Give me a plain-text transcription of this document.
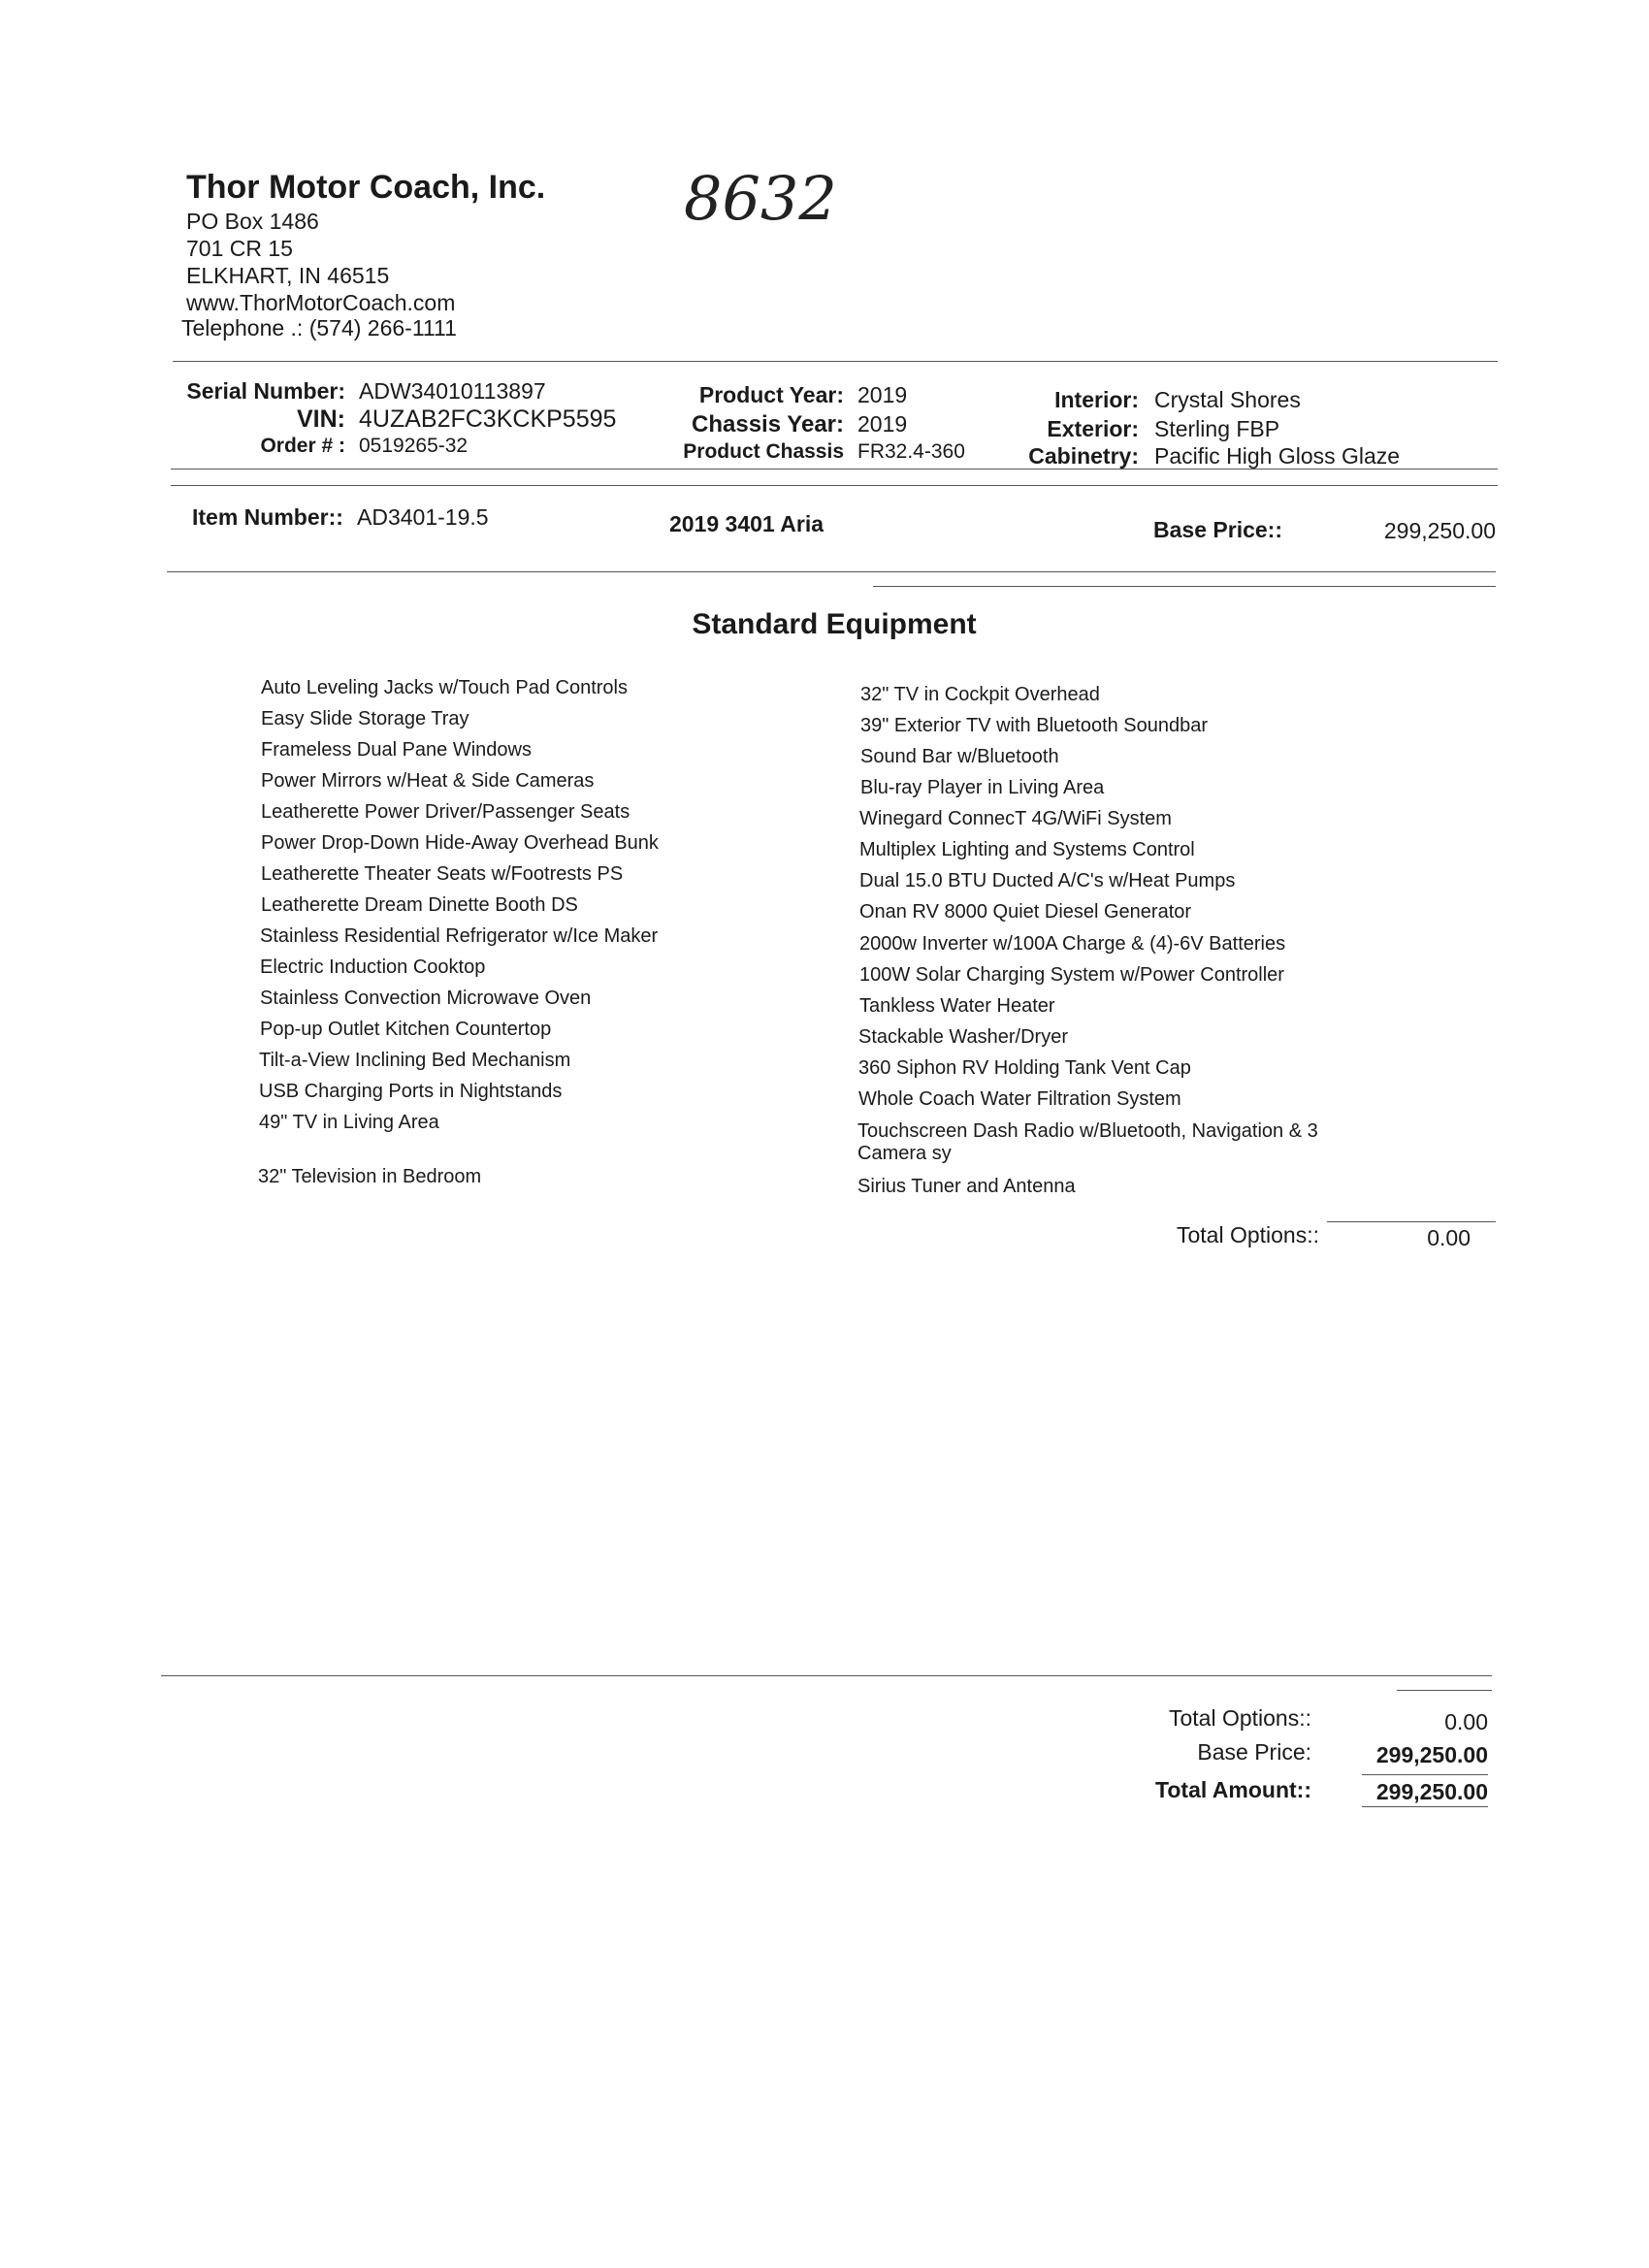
Thor Motor Coach, Inc.
PO Box 1486
701 CR 15
ELKHART, IN 46515
www.ThorMotorCoach.com
Telephone .: (574) 266-1111
8632
Serial Number: ADW34010113897
VIN: 4UZAB2FC3KCKP5595
Order # : 0519265-32
Product Year: 2019
Chassis Year: 2019
Product Chassis FR32.4-360
Interior: Crystal Shores
Exterior: Sterling FBP
Cabinetry: Pacific High Gloss Glaze
Item Number:: AD3401-19.5	2019 3401 Aria	Base Price::	299,250.00
Standard Equipment
Auto Leveling Jacks w/Touch Pad Controls
Easy Slide Storage Tray
Frameless Dual Pane Windows
Power Mirrors w/Heat & Side Cameras
Leatherette Power Driver/Passenger Seats
Power Drop-Down Hide-Away Overhead Bunk
Leatherette Theater Seats w/Footrests PS
Leatherette Dream Dinette Booth DS
Stainless Residential Refrigerator w/Ice Maker
Electric Induction Cooktop
Stainless Convection Microwave Oven
Pop-up Outlet Kitchen Countertop
Tilt-a-View Inclining Bed Mechanism
USB Charging Ports in Nightstands
49" TV in Living Area
32" Television in Bedroom
32" TV in Cockpit Overhead
39" Exterior TV with Bluetooth Soundbar
Sound Bar w/Bluetooth
Blu-ray Player in Living Area
Winegard ConnecT 4G/WiFi System
Multiplex Lighting and Systems Control
Dual 15.0 BTU Ducted A/C's w/Heat Pumps
Onan RV 8000 Quiet Diesel Generator
2000w Inverter w/100A Charge & (4)-6V Batteries
100W Solar Charging System w/Power Controller
Tankless Water Heater
Stackable Washer/Dryer
360 Siphon RV Holding Tank Vent Cap
Whole Coach Water Filtration System
Touchscreen Dash Radio w/Bluetooth, Navigation & 3 Camera sy
Sirius Tuner and Antenna
Total Options::	0.00
Total Options::	0.00
Base Price:	299,250.00
Total Amount::	299,250.00
